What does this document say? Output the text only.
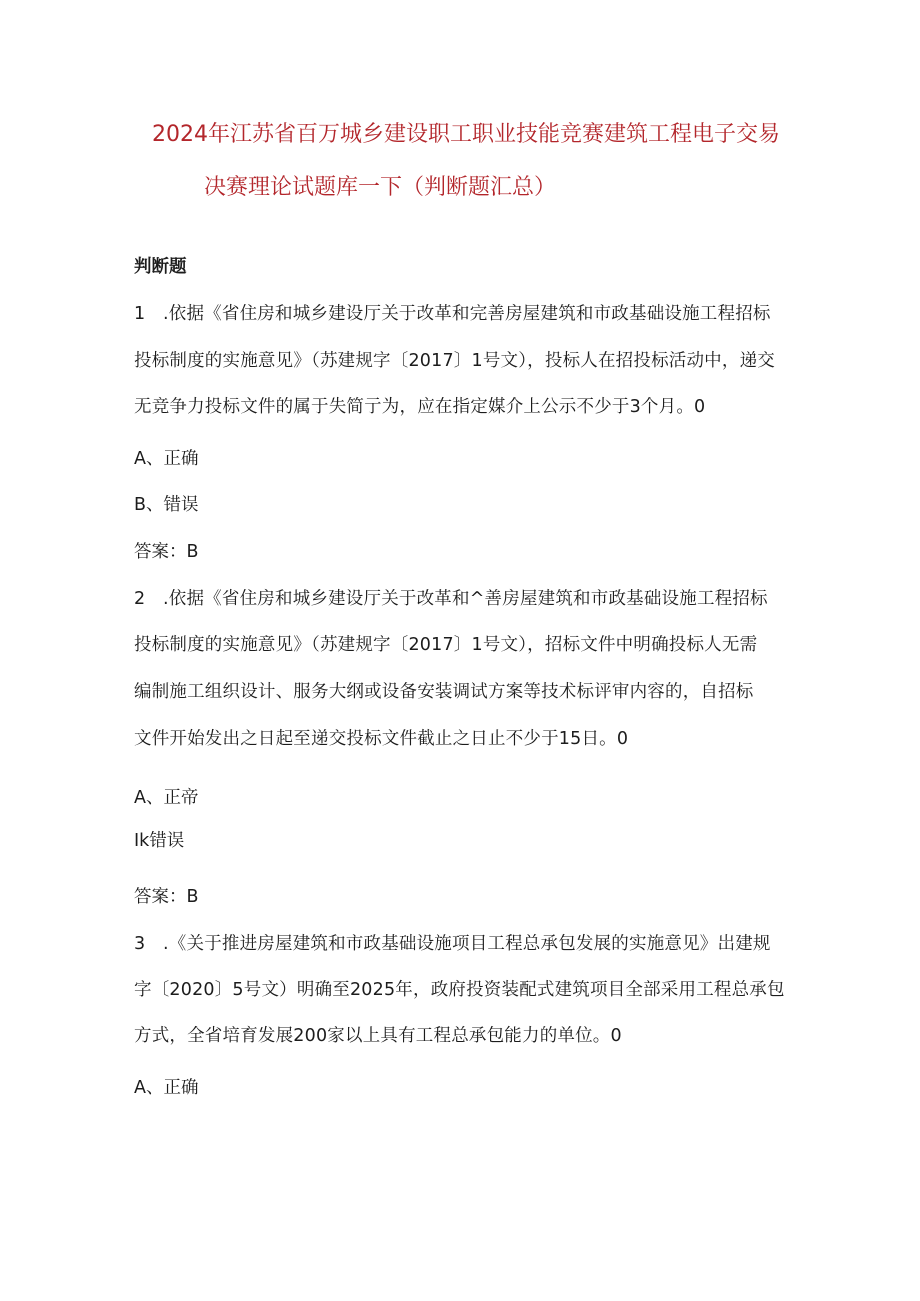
2024年江苏省百万城乡建设职工职业技能竞赛建筑工程电子交易
决赛理论试题库一下（判断题汇总）
判断题
1　.依据《省住房和城乡建设厅关于改革和完善房屋建筑和市政基础设施工程招标
投标制度的实施意见》（苏建规字〔2017〕1号文），投标人在招投标活动中，递交
无竞争力投标文件的属于失简亍为，应在指定媒介上公示不少于3个月。0
A、正确
B、错误
答案：B
2　.依据《省住房和城乡建设厅关于改革和^善房屋建筑和市政基础设施工程招标
投标制度的实施意见》（苏建规字〔2017〕1号文），招标文件中明确投标人无需
编制施工组织设计、服务大纲或设备安装调试方案等技术标评审内容的，自招标
文件开始发出之日起至递交投标文件截止之日止不少于15日。0
A、正帝
Ik错误
答案：B
3　.《关于推进房屋建筑和市政基础设施项目工程总承包发展的实施意见》岀建规
字〔2020〕5号文）明确至2025年，政府投资装配式建筑项目全部采用工程总承包
方式，全省培育发展200家以上具有工程总承包能力的单位。0
A、正确
